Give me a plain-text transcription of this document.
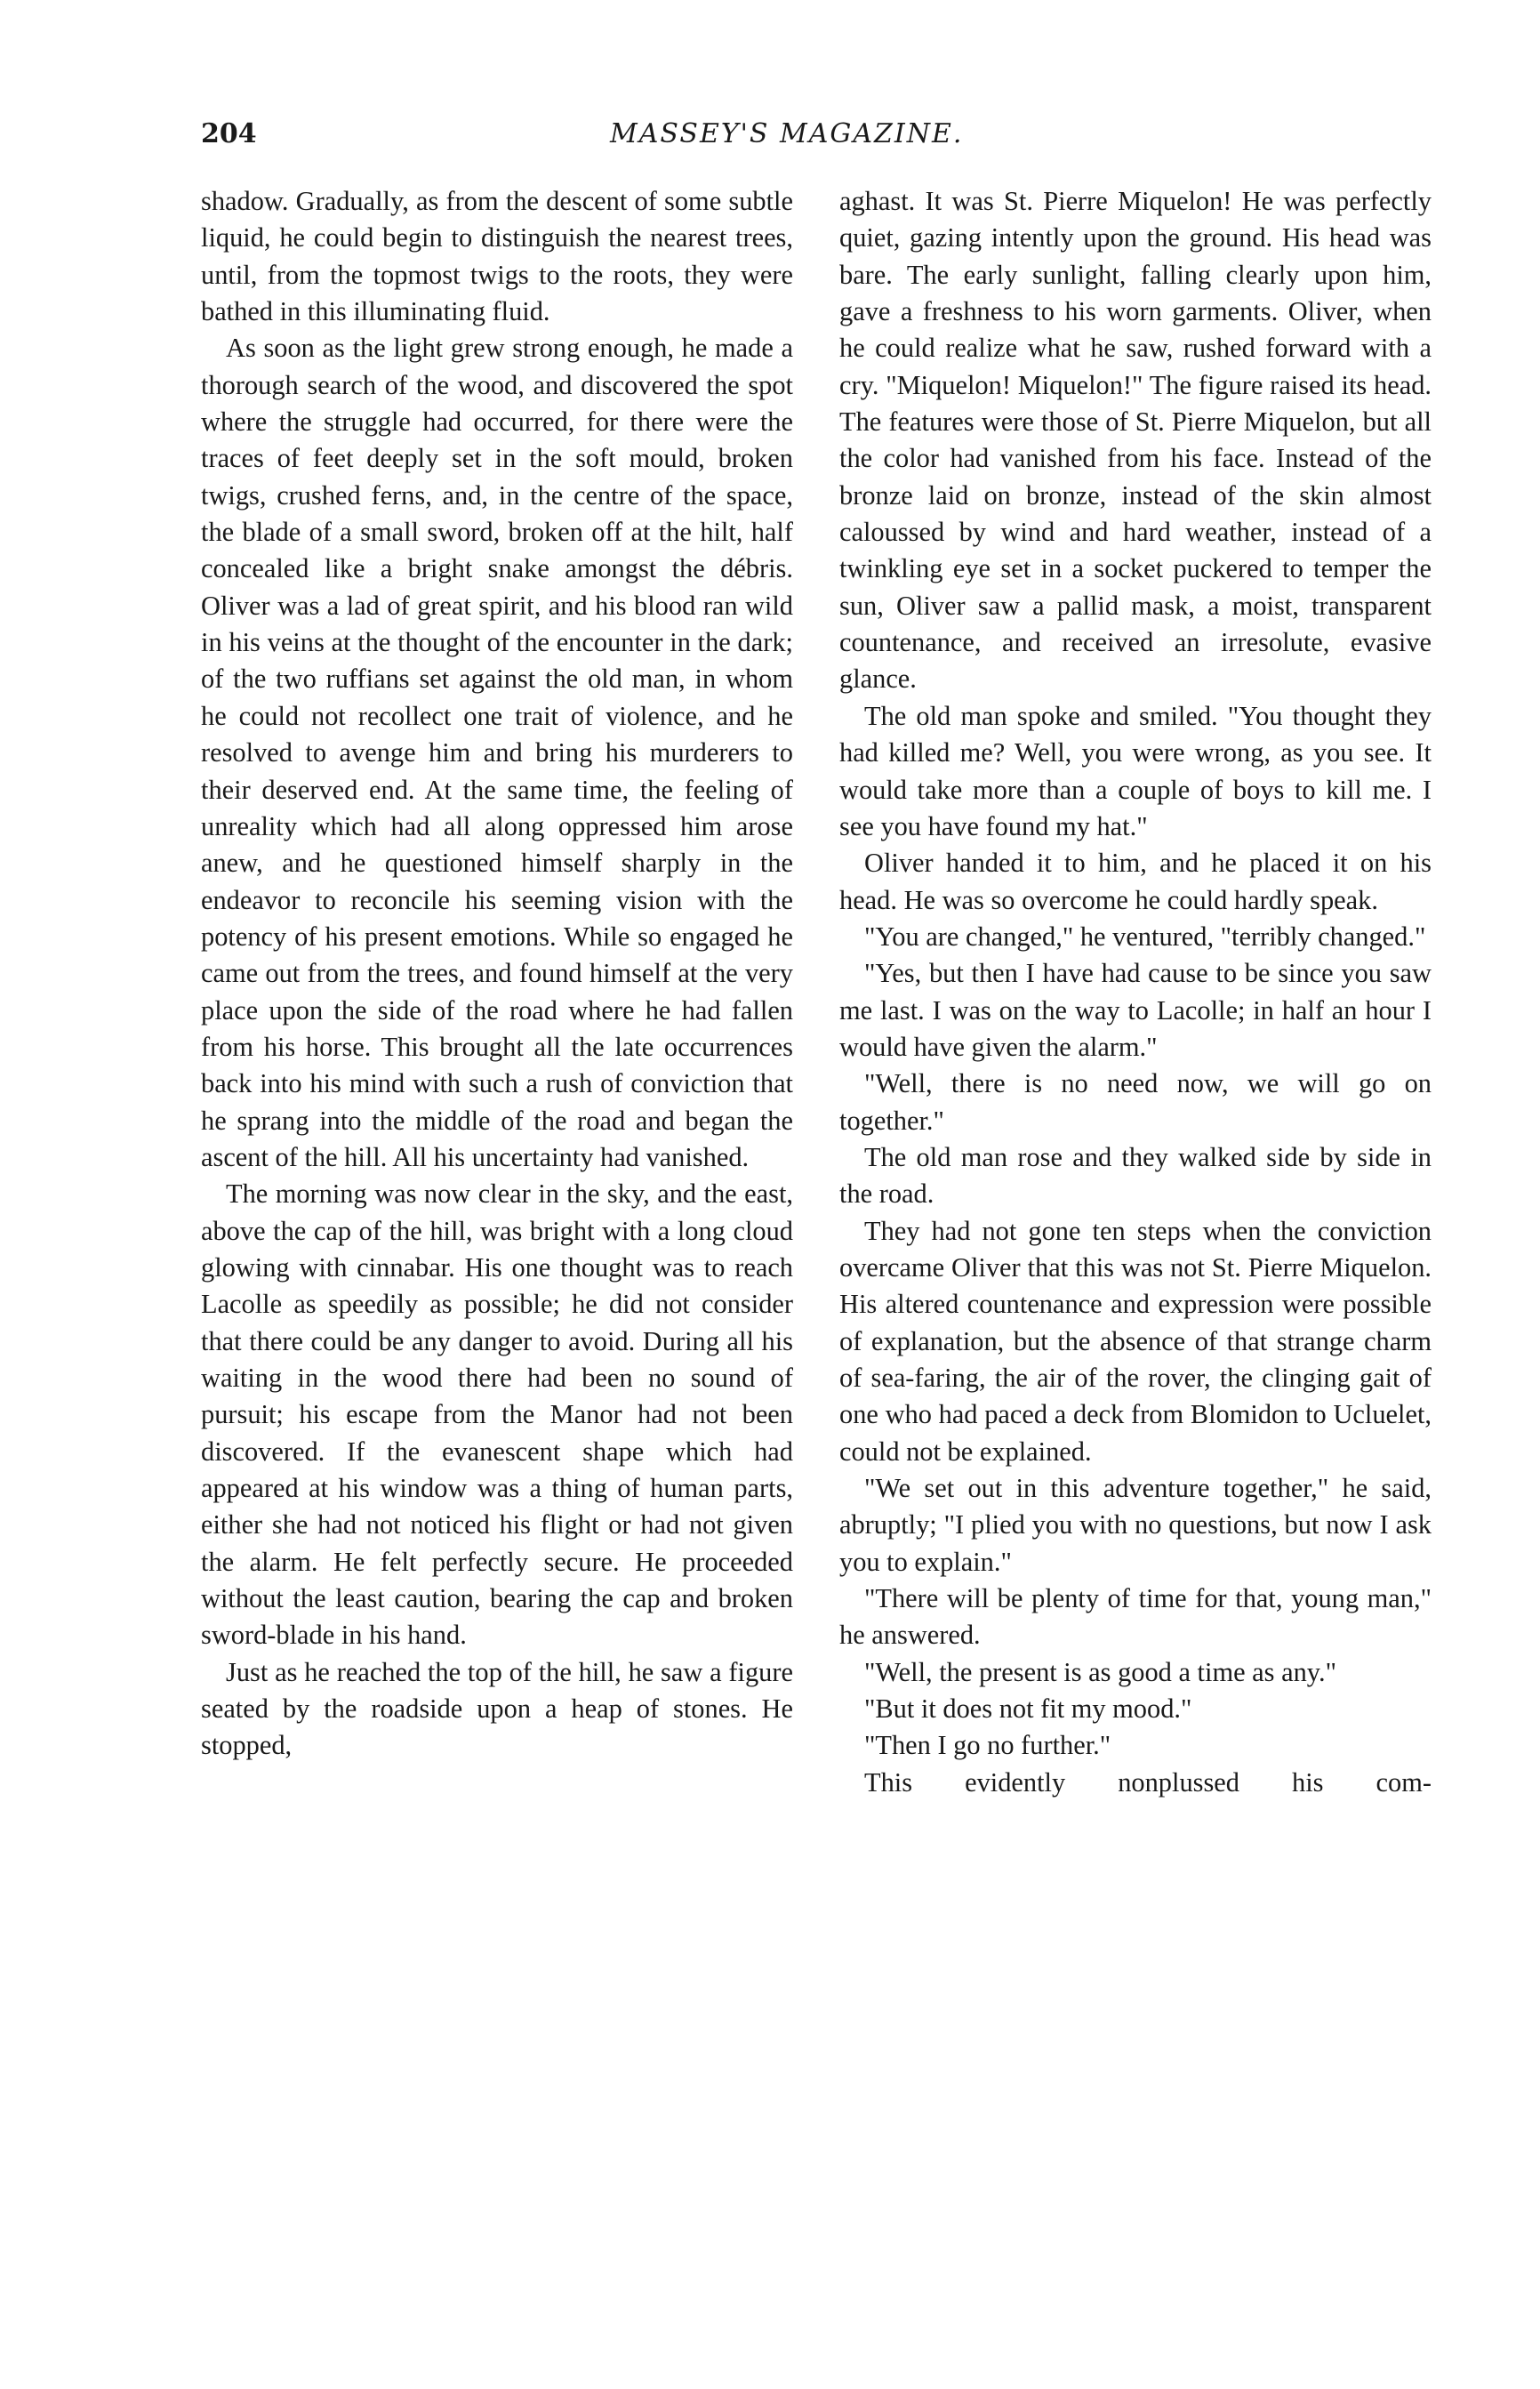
204	MASSEY'S MAGAZINE.

shadow. Gradually, as from the descent of some subtle liquid, he could begin to distinguish the nearest trees, until, from the topmost twigs to the roots, they were bathed in this illuminating fluid.

As soon as the light grew strong enough, he made a thorough search of the wood, and discovered the spot where the struggle had occurred, for there were the traces of feet deeply set in the soft mould, broken twigs, crushed ferns, and, in the centre of the space, the blade of a small sword, broken off at the hilt, half concealed like a bright snake amongst the débris. Oliver was a lad of great spirit, and his blood ran wild in his veins at the thought of the encounter in the dark; of the two ruffians set against the old man, in whom he could not recollect one trait of violence, and he resolved to avenge him and bring his murderers to their deserved end. At the same time, the feeling of unreality which had all along oppressed him arose anew, and he questioned himself sharply in the endeavor to reconcile his seeming vision with the potency of his present emotions. While so engaged he came out from the trees, and found himself at the very place upon the side of the road where he had fallen from his horse. This brought all the late occurrences back into his mind with such a rush of conviction that he sprang into the middle of the road and began the ascent of the hill. All his uncertainty had vanished.

The morning was now clear in the sky, and the east, above the cap of the hill, was bright with a long cloud glowing with cinnabar. His one thought was to reach Lacolle as speedily as possible; he did not consider that there could be any danger to avoid. During all his waiting in the wood there had been no sound of pursuit; his escape from the Manor had not been discovered. If the evanescent shape which had appeared at his window was a thing of human parts, either she had not noticed his flight or had not given the alarm. He felt perfectly secure. He proceeded without the least caution, bearing the cap and broken sword-blade in his hand.

Just as he reached the top of the hill, he saw a figure seated by the roadside upon a heap of stones. He stopped,

aghast. It was St. Pierre Miquelon! He was perfectly quiet, gazing intently upon the ground. His head was bare. The early sunlight, falling clearly upon him, gave a freshness to his worn garments. Oliver, when he could realize what he saw, rushed forward with a cry. "Miquelon! Miquelon!" The figure raised its head. The features were those of St. Pierre Miquelon, but all the color had vanished from his face. Instead of the bronze laid on bronze, instead of the skin almost caloussed by wind and hard weather, instead of a twinkling eye set in a socket puckered to temper the sun, Oliver saw a pallid mask, a moist, transparent countenance, and received an irresolute, evasive glance.

The old man spoke and smiled. "You thought they had killed me? Well, you were wrong, as you see. It would take more than a couple of boys to kill me. I see you have found my hat."

Oliver handed it to him, and he placed it on his head. He was so overcome he could hardly speak.

"You are changed," he ventured, "terribly changed."

"Yes, but then I have had cause to be since you saw me last. I was on the way to Lacolle; in half an hour I would have given the alarm."

"Well, there is no need now, we will go on together."

The old man rose and they walked side by side in the road.

They had not gone ten steps when the conviction overcame Oliver that this was not St. Pierre Miquelon. His altered countenance and expression were possible of explanation, but the absence of that strange charm of sea-faring, the air of the rover, the clinging gait of one who had paced a deck from Blomidon to Ucluelet, could not be explained.

"We set out in this adventure together," he said, abruptly; "I plied you with no questions, but now I ask you to explain."

"There will be plenty of time for that, young man," he answered.

"Well, the present is as good a time as any."

"But it does not fit my mood."

"Then I go no further."

This evidently nonplussed his com-
